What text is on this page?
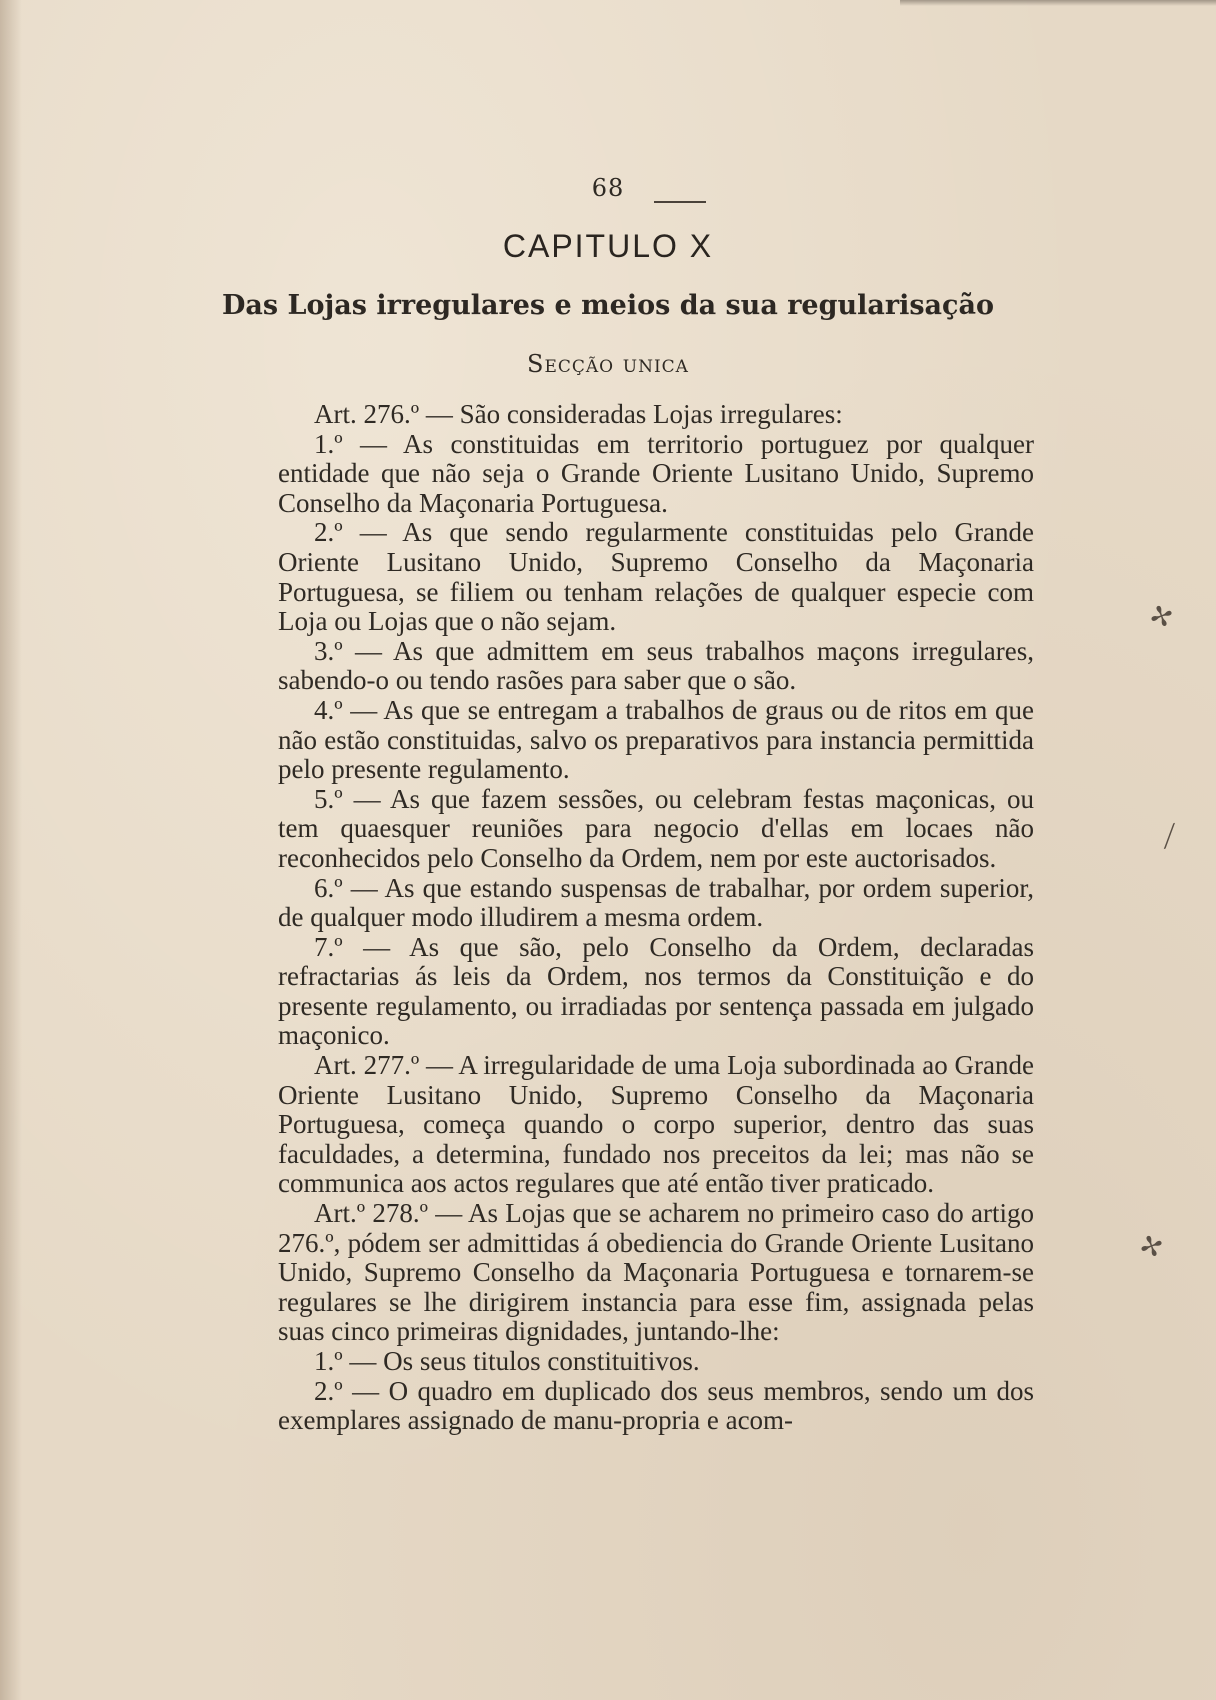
68
CAPITULO X
Das Lojas irregulares e meios da sua regularisação
Secção unica

Art. 276.º — São consideradas Lojas irregulares:

1.º — As constituidas em territorio portuguez por qualquer entidade que não seja o Grande Oriente Lusitano Unido, Supremo Conselho da Maçonaria Portuguesa.

2.º — As que sendo regularmente constituidas pelo Grande Oriente Lusitano Unido, Supremo Conselho da Maçonaria Portuguesa, se filiem ou tenham relações de qualquer especie com Loja ou Lojas que o não sejam.

3.º — As que admittem em seus trabalhos maçons irregulares, sabendo-o ou tendo rasões para saber que o são.

4.º — As que se entregam a trabalhos de graus ou de ritos em que não estão constituidas, salvo os preparativos para instancia permittida pelo presente regulamento.

5.º — As que fazem sessões, ou celebram festas maçonicas, ou tem quaesquer reuniões para negocio d'ellas em locaes não reconhecidos pelo Conselho da Ordem, nem por este auctorisados.

6.º — As que estando suspensas de trabalhar, por ordem superior, de qualquer modo illudirem a mesma ordem.

7.º — As que são, pelo Conselho da Ordem, declaradas refractarias ás leis da Ordem, nos termos da Constituição e do presente regulamento, ou irradiadas por sentença passada em julgado maçonico.

Art. 277.º — A irregularidade de uma Loja subordinada ao Grande Oriente Lusitano Unido, Supremo Conselho da Maçonaria Portuguesa, começa quando o corpo superior, dentro das suas faculdades, a determina, fundado nos preceitos da lei; mas não se communica aos actos regulares que até então tiver praticado.

Art.º 278.º — As Lojas que se acharem no primeiro caso do artigo 276.º, pódem ser admittidas á obediencia do Grande Oriente Lusitano Unido, Supremo Conselho da Maçonaria Portuguesa e tornarem-se regulares se lhe dirigirem instancia para esse fim, assignada pelas suas cinco primeiras dignidades, juntando-lhe:

1.º — Os seus titulos constituitivos.

2.º — O quadro em duplicado dos seus membros, sendo um dos exemplares assignado de manu-propria e acom-

✢
⟋
✢
